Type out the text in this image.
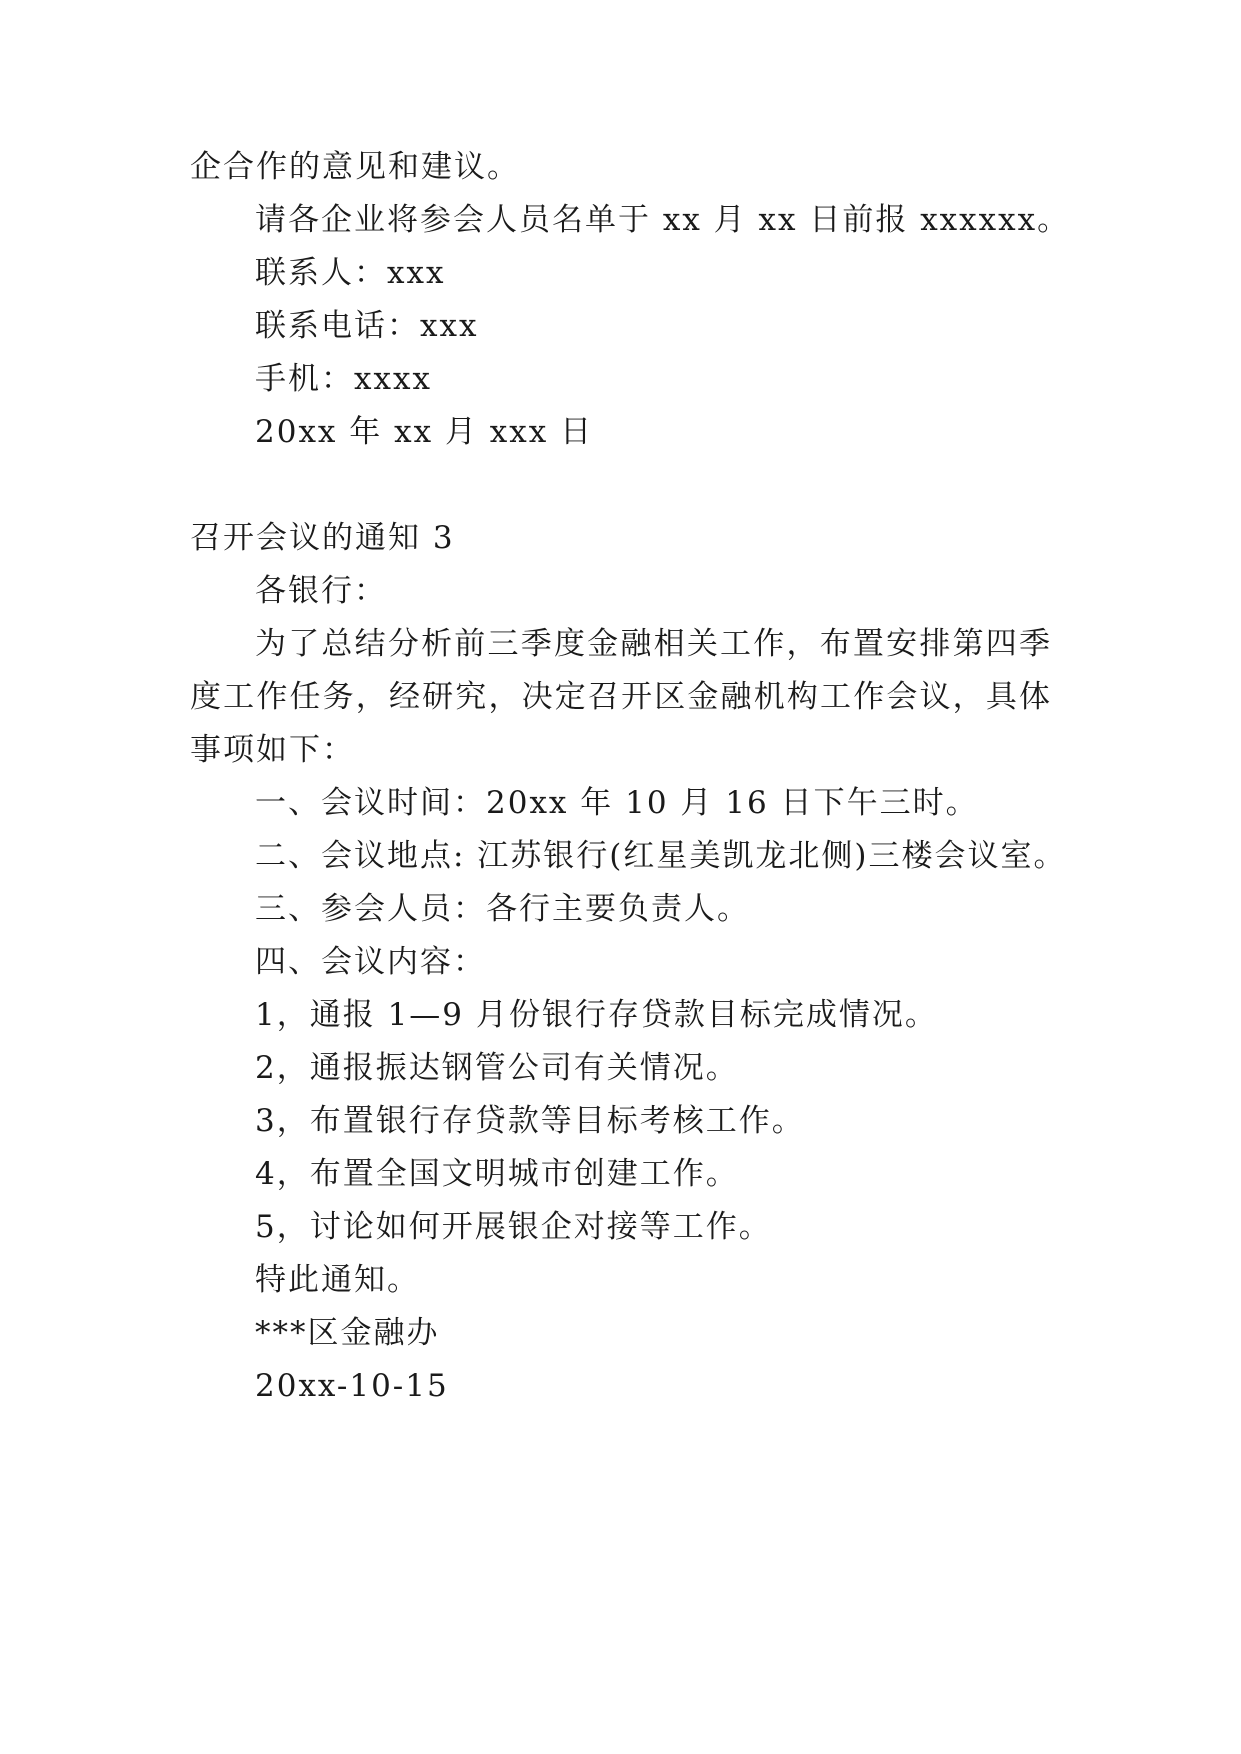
企合作的意见和建议。
请各企业将参会人员名单于 xx 月 xx 日前报 xxxxxx。
联系人：xxx
联系电话：xxx
手机：xxxx
20xx 年 xx 月 xxx 日
召开会议的通知 3
各银行：
为了总结分析前三季度金融相关工作，布置安排第四季
度工作任务，经研究，决定召开区金融机构工作会议，具体
事项如下：
一、会议时间：20xx 年 10 月 16 日下午三时。
二、会议地点: 江苏银行(红星美凯龙北侧)三楼会议室。
三、参会人员：各行主要负责人。
四、会议内容：
1，通报 1—9 月份银行存贷款目标完成情况。
2，通报振达钢管公司有关情况。
3，布置银行存贷款等目标考核工作。
4，布置全国文明城市创建工作。
5，讨论如何开展银企对接等工作。
特此通知。
***区金融办
20xx-10-15
